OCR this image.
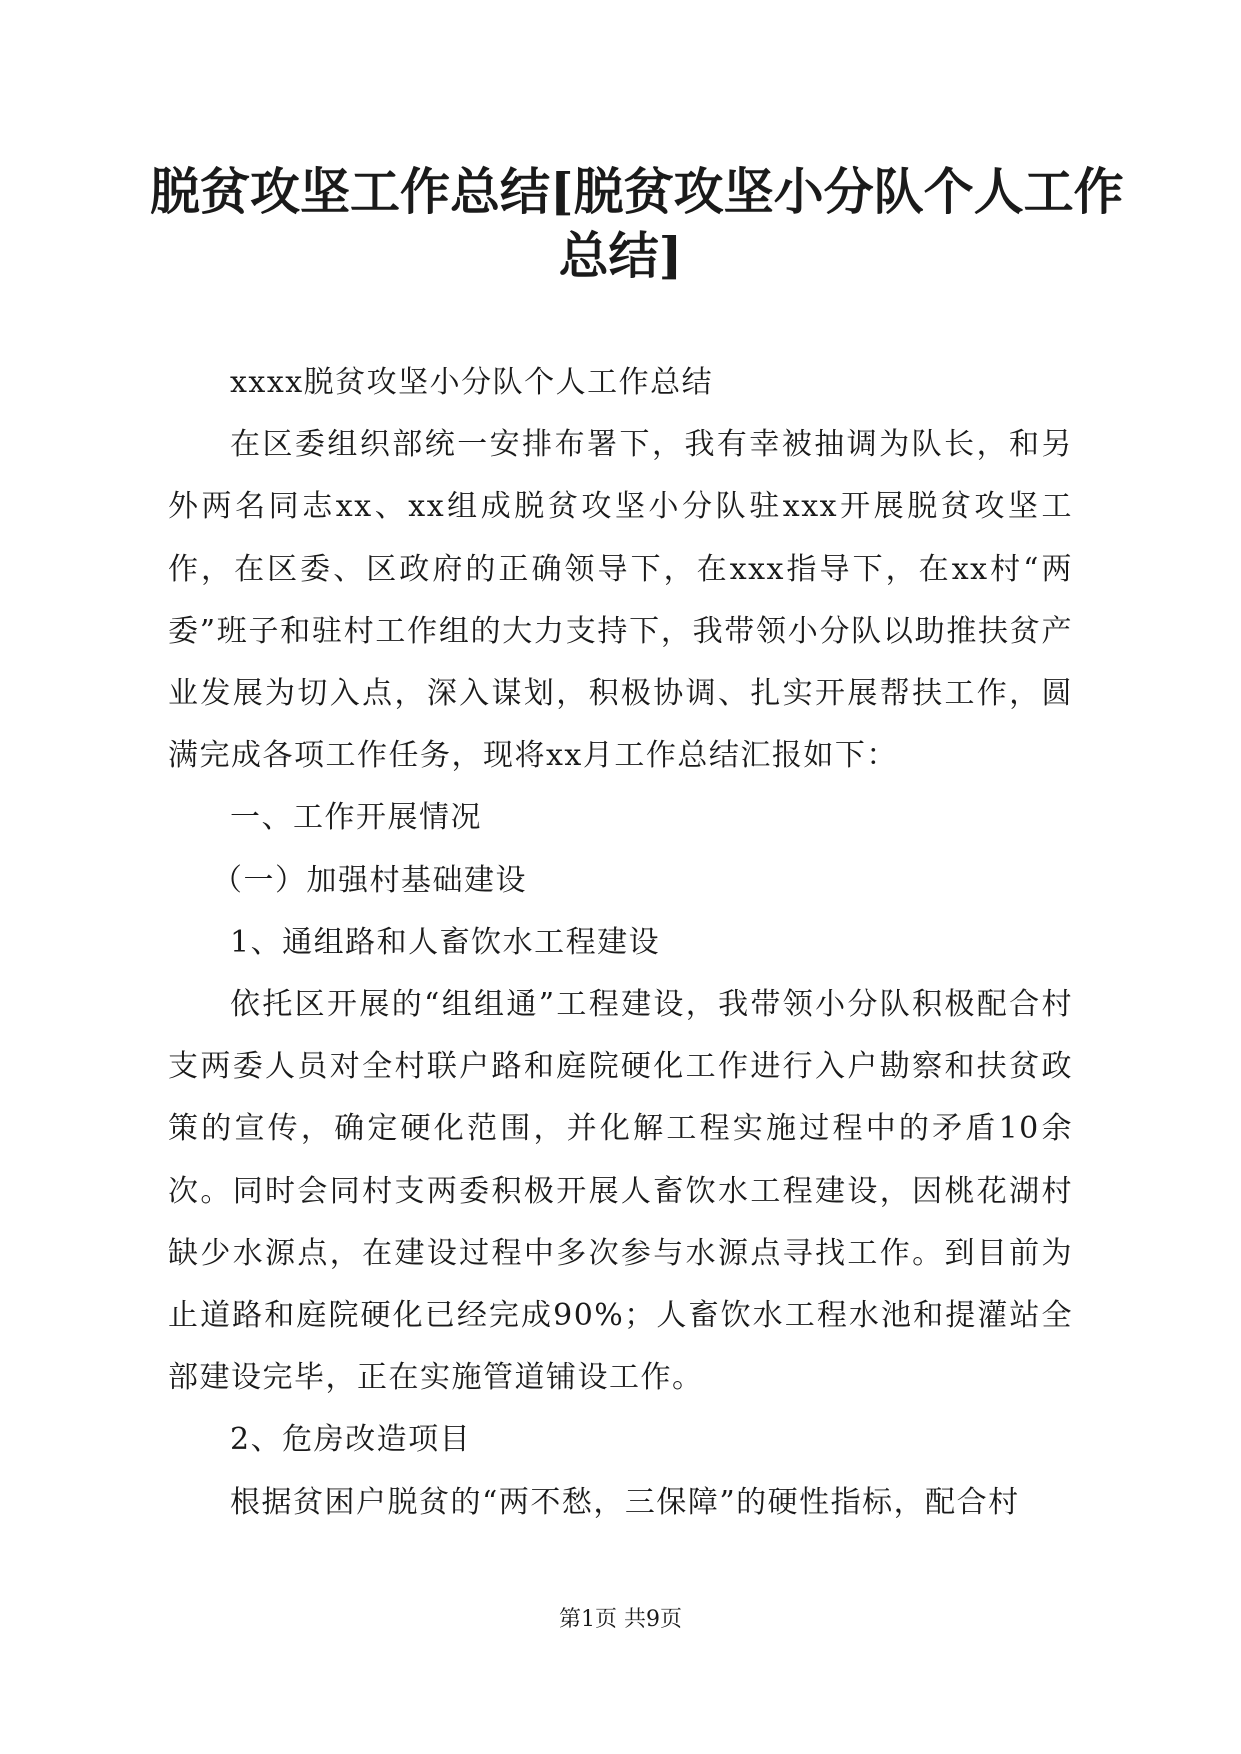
脱贫攻坚工作总结[脱贫攻坚小分队个人工作
总结]

xxxx脱贫攻坚小分队个人工作总结

在区委组织部统一安排布署下，我有幸被抽调为队长，和另外两名同志xx、xx组成脱贫攻坚小分队驻xxx开展脱贫攻坚工作，在区委、区政府的正确领导下，在xxx指导下，在xx村“两委”班子和驻村工作组的大力支持下，我带领小分队以助推扶贫产业发展为切入点，深入谋划，积极协调、扎实开展帮扶工作，圆满完成各项工作任务，现将xx月工作总结汇报如下：

一、工作开展情况

（一）加强村基础建设

1、通组路和人畜饮水工程建设

依托区开展的“组组通”工程建设，我带领小分队积极配合村支两委人员对全村联户路和庭院硬化工作进行入户勘察和扶贫政策的宣传，确定硬化范围，并化解工程实施过程中的矛盾10余次。同时会同村支两委积极开展人畜饮水工程建设，因桃花湖村缺少水源点，在建设过程中多次参与水源点寻找工作。到目前为止道路和庭院硬化已经完成90%；人畜饮水工程水池和提灌站全部建设完毕，正在实施管道铺设工作。

2、危房改造项目

根据贫困户脱贫的“两不愁，三保障”的硬性指标，配合村

第1页 共9页
